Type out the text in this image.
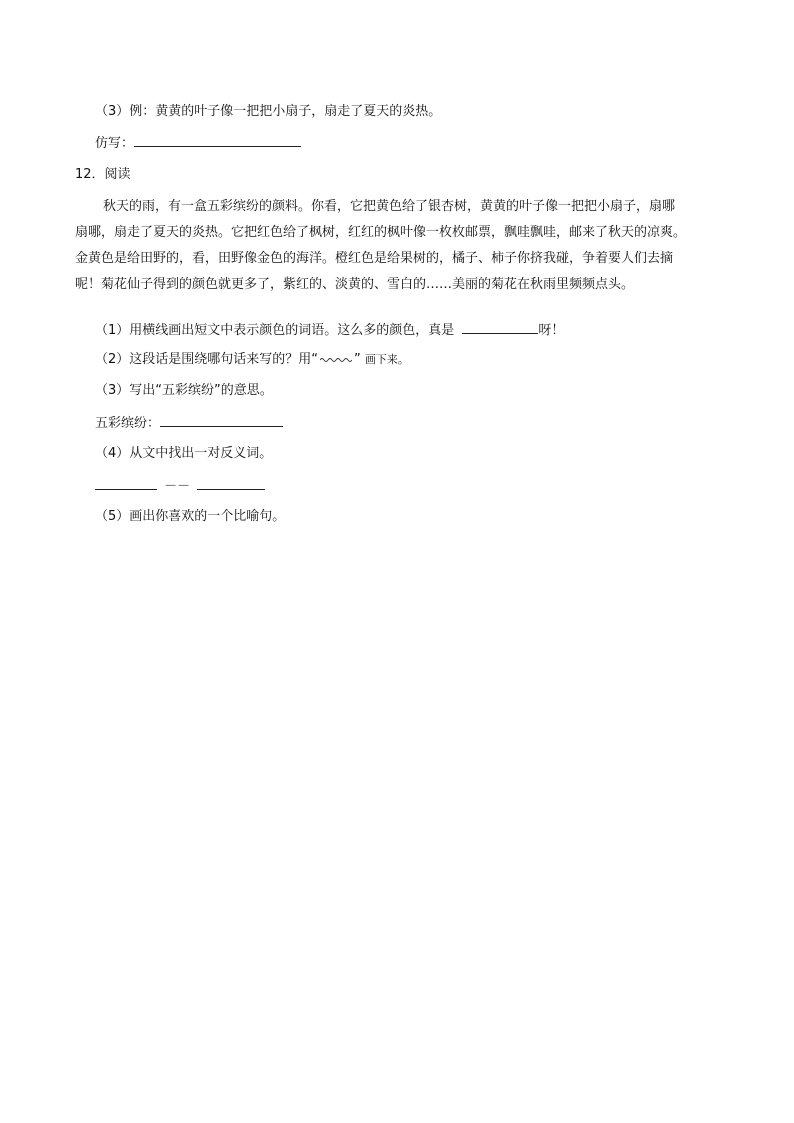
（3）例：黄黄的叶子像一把把小扇子，扇走了夏天的炎热。
仿写：
12．阅读
秋天的雨，有一盒五彩缤纷的颜料。你看，它把黄色给了银杏树，黄黄的叶子像一把把小扇子，扇哪
扇哪，扇走了夏天的炎热。它把红色给了枫树，红红的枫叶像一枚枚邮票，飘哇飘哇，邮来了秋天的凉爽。
金黄色是给田野的，看，田野像金色的海洋。橙红色是给果树的，橘子、柿子你挤我碰，争着要人们去摘
呢！菊花仙子得到的颜色就更多了，紫红的、淡黄的、雪白的……美丽的菊花在秋雨里频频点头。
（1）用横线画出短文中表示颜色的词语。这么多的颜色，真是	呀！
（2）这段话是围绕哪句话来写的？用“	” 画下来。
（3）写出“五彩缤纷”的意思。
五彩缤纷：
（4）从文中找出一对反义词。
－－
（5）画出你喜欢的一个比喻句。
